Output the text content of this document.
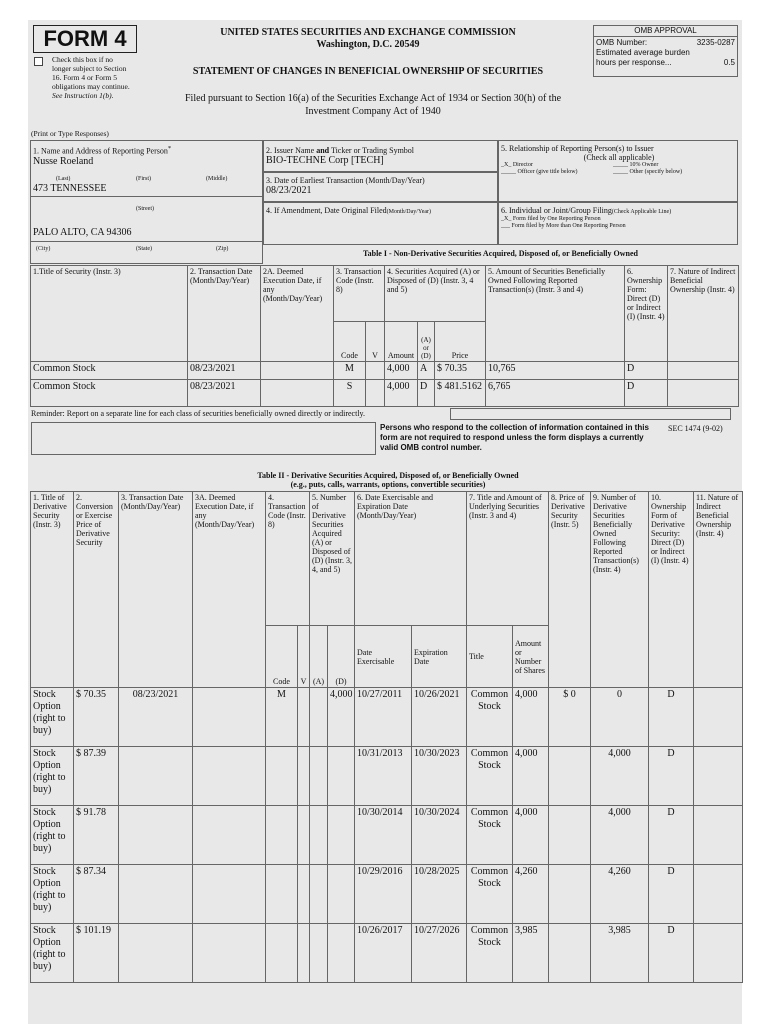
FORM 4
Check this box if no longer subject to Section 16. Form 4 or Form 5 obligations may continue. See Instruction 1(b).
UNITED STATES SECURITIES AND EXCHANGE COMMISSION
Washington, D.C. 20549
STATEMENT OF CHANGES IN BENEFICIAL OWNERSHIP OF SECURITIES
Filed pursuant to Section 16(a) of the Securities Exchange Act of 1934 or Section 30(h) of the
Investment Company Act of 1940
OMB APPROVAL
OMB Number:	3235-0287
Estimated average burden
hours per response...	0.5
(Print or Type Responses)
1. Name and Address of Reporting Person*
Nusse Roeland
(Last)	(First)	(Middle)
473 TENNESSEE
(Street)
PALO ALTO, CA 94306
(City)	(State)	(Zip)
2. Issuer Name and Ticker or Trading Symbol
BIO-TECHNE Corp [TECH]
3. Date of Earliest Transaction (Month/Day/Year)
08/23/2021
4. If Amendment, Date Original Filed(Month/Day/Year)
5. Relationship of Reporting Person(s) to Issuer
(Check all applicable)
_X_ Director	_____ 10% Owner
_____ Officer (give title below)	_____ Other (specify below)
6. Individual or Joint/Group Filing(Check Applicable Line)
_X_ Form filed by One Reporting Person
___ Form filed by More than One Reporting Person
Table I - Non-Derivative Securities Acquired, Disposed of, or Beneficially Owned
1.Title of Security (Instr. 3)	2. Transaction Date (Month/Day/Year)	2A. Deemed Execution Date, if any (Month/Day/Year)	3. Transaction Code (Instr. 8)		4. Securities Acquired (A) or Disposed of (D) (Instr. 3, 4 and 5)			5. Amount of Securities Beneficially Owned Following Reported Transaction(s) (Instr. 3 and 4)	6. Ownership Form: Direct (D) or Indirect (I) (Instr. 4)	7. Nature of Indirect Beneficial Ownership (Instr. 4)
			Code	V	Amount	(A) or (D)	Price			
Common Stock	08/23/2021		M		4,000	A	$ 70.35	10,765	D	
Common Stock	08/23/2021		S		4,000	D	$ 481.5162	6,765	D	
Reminder: Report on a separate line for each class of securities beneficially owned directly or indirectly.
Persons who respond to the collection of information contained in this form are not required to respond unless the form displays a currently valid OMB control number.
SEC 1474 (9-02)
Table II - Derivative Securities Acquired, Disposed of, or Beneficially Owned
(e.g., puts, calls, warrants, options, convertible securities)
1. Title of Derivative Security (Instr. 3)	2. Conversion or Exercise Price of Derivative Security	3. Transaction Date (Month/Day/Year)	3A. Deemed Execution Date, if any (Month/Day/Year)	4. Transaction Code (Instr. 8)		5. Number of Derivative Securities Acquired (A) or Disposed of (D) (Instr. 3, 4, and 5)		6. Date Exercisable and Expiration Date (Month/Day/Year)		7. Title and Amount of Underlying Securities (Instr. 3 and 4)		8. Price of Derivative Security (Instr. 5)	9. Number of Derivative Securities Beneficially Owned Following Reported Transaction(s) (Instr. 4)	10. Ownership Form of Derivative Security: Direct (D) or Indirect (I) (Instr. 4)	11. Nature of Indirect Beneficial Ownership (Instr. 4)
				Code	V	(A)	(D)	Date Exercisable	Expiration Date	Title	Amount or Number of Shares				
Stock Option (right to buy)	$ 70.35	08/23/2021		M			4,000	10/27/2011	10/26/2021	Common Stock	4,000	$ 0	0	D	
Stock Option (right to buy)	$ 87.39							10/31/2013	10/30/2023	Common Stock	4,000		4,000	D	
Stock Option (right to buy)	$ 91.78							10/30/2014	10/30/2024	Common Stock	4,000		4,000	D	
Stock Option (right to buy)	$ 87.34							10/29/2016	10/28/2025	Common Stock	4,260		4,260	D	
Stock Option (right to buy)	$ 101.19							10/26/2017	10/27/2026	Common Stock	3,985		3,985	D	
